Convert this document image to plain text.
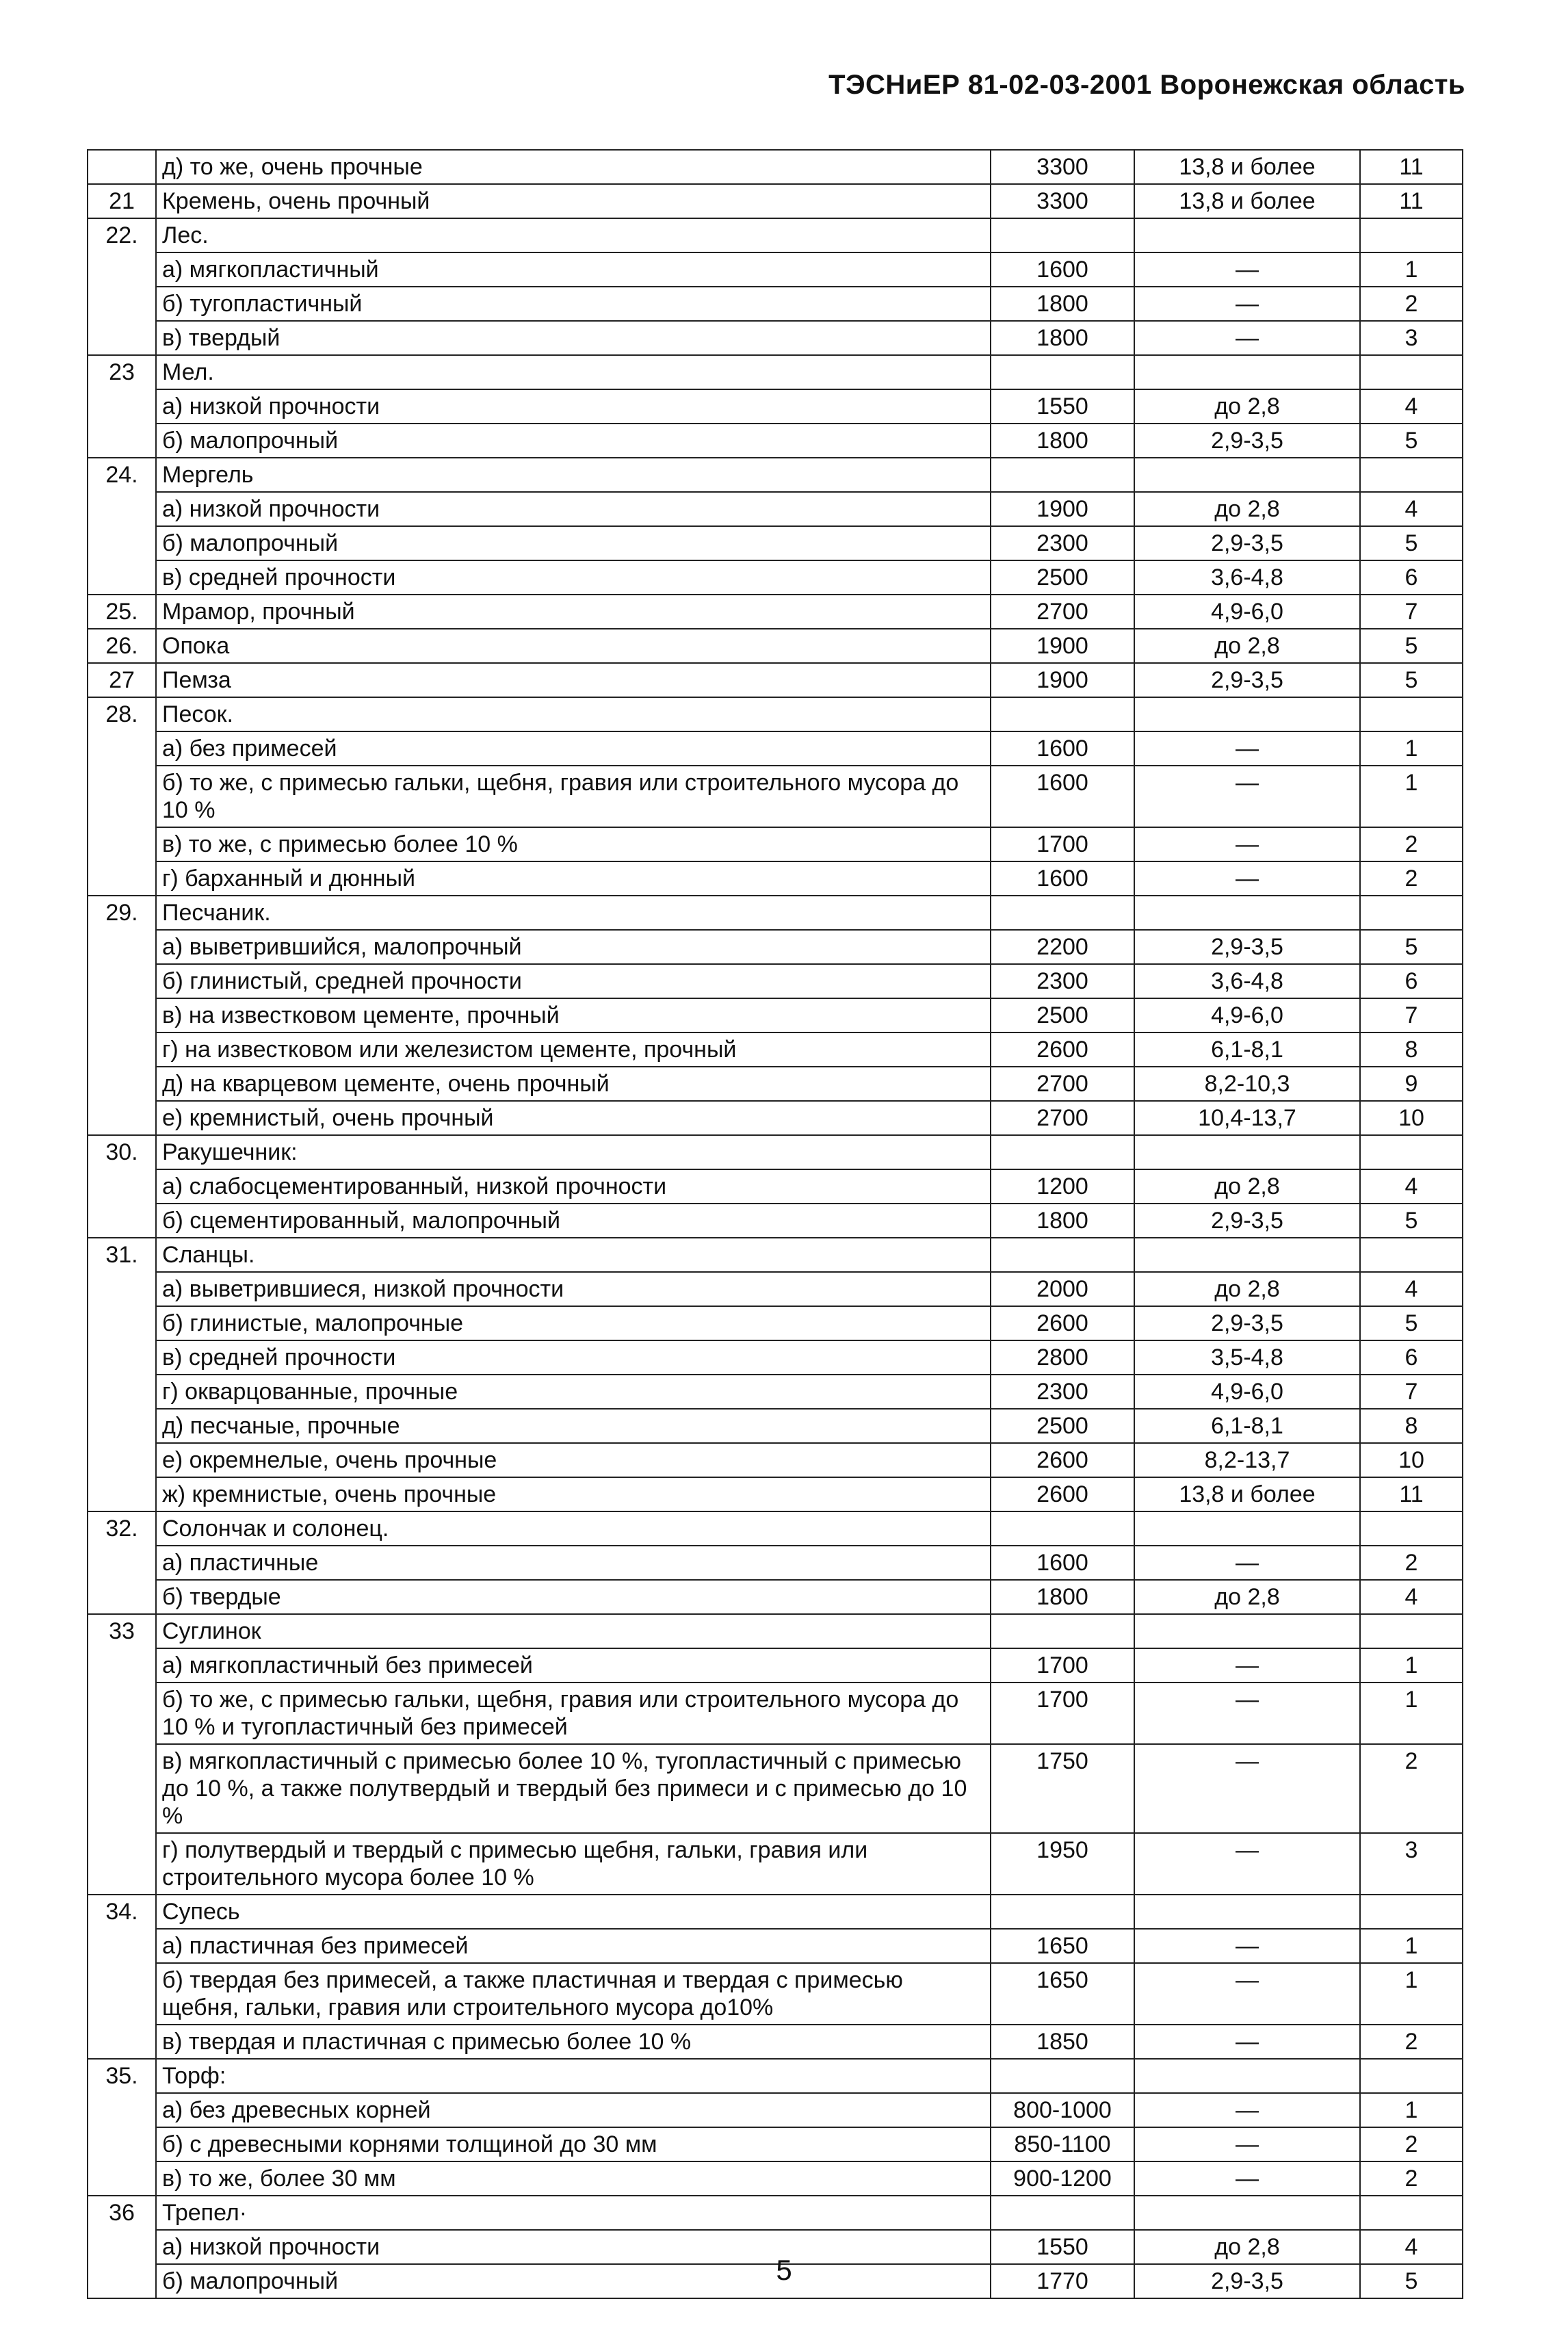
ТЭСНиЕР 81-02-03-2001 Воронежская область
	д) то же, очень прочные	3300	13,8 и более	11
21	Кремень, очень прочный	3300	13,8 и более	11
22.	Лес.			
	а) мягкопластичный	1600	—	1
	б) тугопластичный	1800	—	2
	в) твердый	1800	—	3
23	Мел.			
	а) низкой прочности	1550	до 2,8	4
	б) малопрочный	1800	2,9-3,5	5
24.	Мергель			
	а) низкой прочности	1900	до 2,8	4
	б) малопрочный	2300	2,9-3,5	5
	в) средней прочности	2500	3,6-4,8	6
25.	Мрамор, прочный	2700	4,9-6,0	7
26.	Опока	1900	до 2,8	5
27	Пемза	1900	2,9-3,5	5
28.	Песок.			
	а) без примесей	1600	—	1
	б) то же, с примесью гальки, щебня, гравия или строительного мусора до 10 %	1600	—	1
	в) то же, с примесью более 10 %	1700	—	2
	г) барханный и дюнный	1600	—	2
29.	Песчаник.			
	а) выветрившийся, малопрочный	2200	2,9-3,5	5
	б) глинистый, средней прочности	2300	3,6-4,8	6
	в) на известковом цементе, прочный	2500	4,9-6,0	7
	г) на известковом или железистом цементе, прочный	2600	6,1-8,1	8
	д) на кварцевом цементе, очень прочный	2700	8,2-10,3	9
	е) кремнистый, очень прочный	2700	10,4-13,7	10
30.	Ракушечник:			
	а) слабосцементированный, низкой прочности	1200	до 2,8	4
	б) сцементированный, малопрочный	1800	2,9-3,5	5
31.	Сланцы.			
	а) выветрившиеся, низкой прочности	2000	до 2,8	4
	б) глинистые, малопрочные	2600	2,9-3,5	5
	в) средней прочности	2800	3,5-4,8	6
	г) окварцованные, прочные	2300	4,9-6,0	7
	д) песчаные, прочные	2500	6,1-8,1	8
	е) окремнелые, очень прочные	2600	8,2-13,7	10
	ж) кремнистые, очень прочные	2600	13,8 и более	11
32.	Солончак и солонец.			
	а) пластичные	1600	—	2
	б) твердые	1800	до 2,8	4
33	Суглинок			
	а) мягкопластичный без примесей	1700	—	1
	б) то же, с примесью гальки, щебня, гравия или строительного мусора до 10 % и тугопластичный без примесей	1700	—	1
	в) мягкопластичный с примесью более 10 %, тугопластичный с примесью до 10 %, а также полутвердый и твердый без примеси и с примесью до 10 %	1750	—	2
	г) полутвердый и твердый с примесью щебня, гальки, гравия или строительного мусора более 10 %	1950	—	3
34.	Супесь			
	а) пластичная без примесей	1650	—	1
	б) твердая без примесей, а также пластичная и твердая с примесью щебня, гальки, гравия или строительного мусора до10%	1650	—	1
	в) твердая и пластичная с примесью более 10 %	1850	—	2
35.	Торф:			
	а) без древесных корней	800-1000	—	1
	б) с древесными корнями толщиной до 30 мм	850-1100	—	2
	в) то же, более 30 мм	900-1200	—	2
36	Трепел·			
	а) низкой прочности	1550	до 2,8	4
	б) малопрочный	1770	2,9-3,5	5
5
